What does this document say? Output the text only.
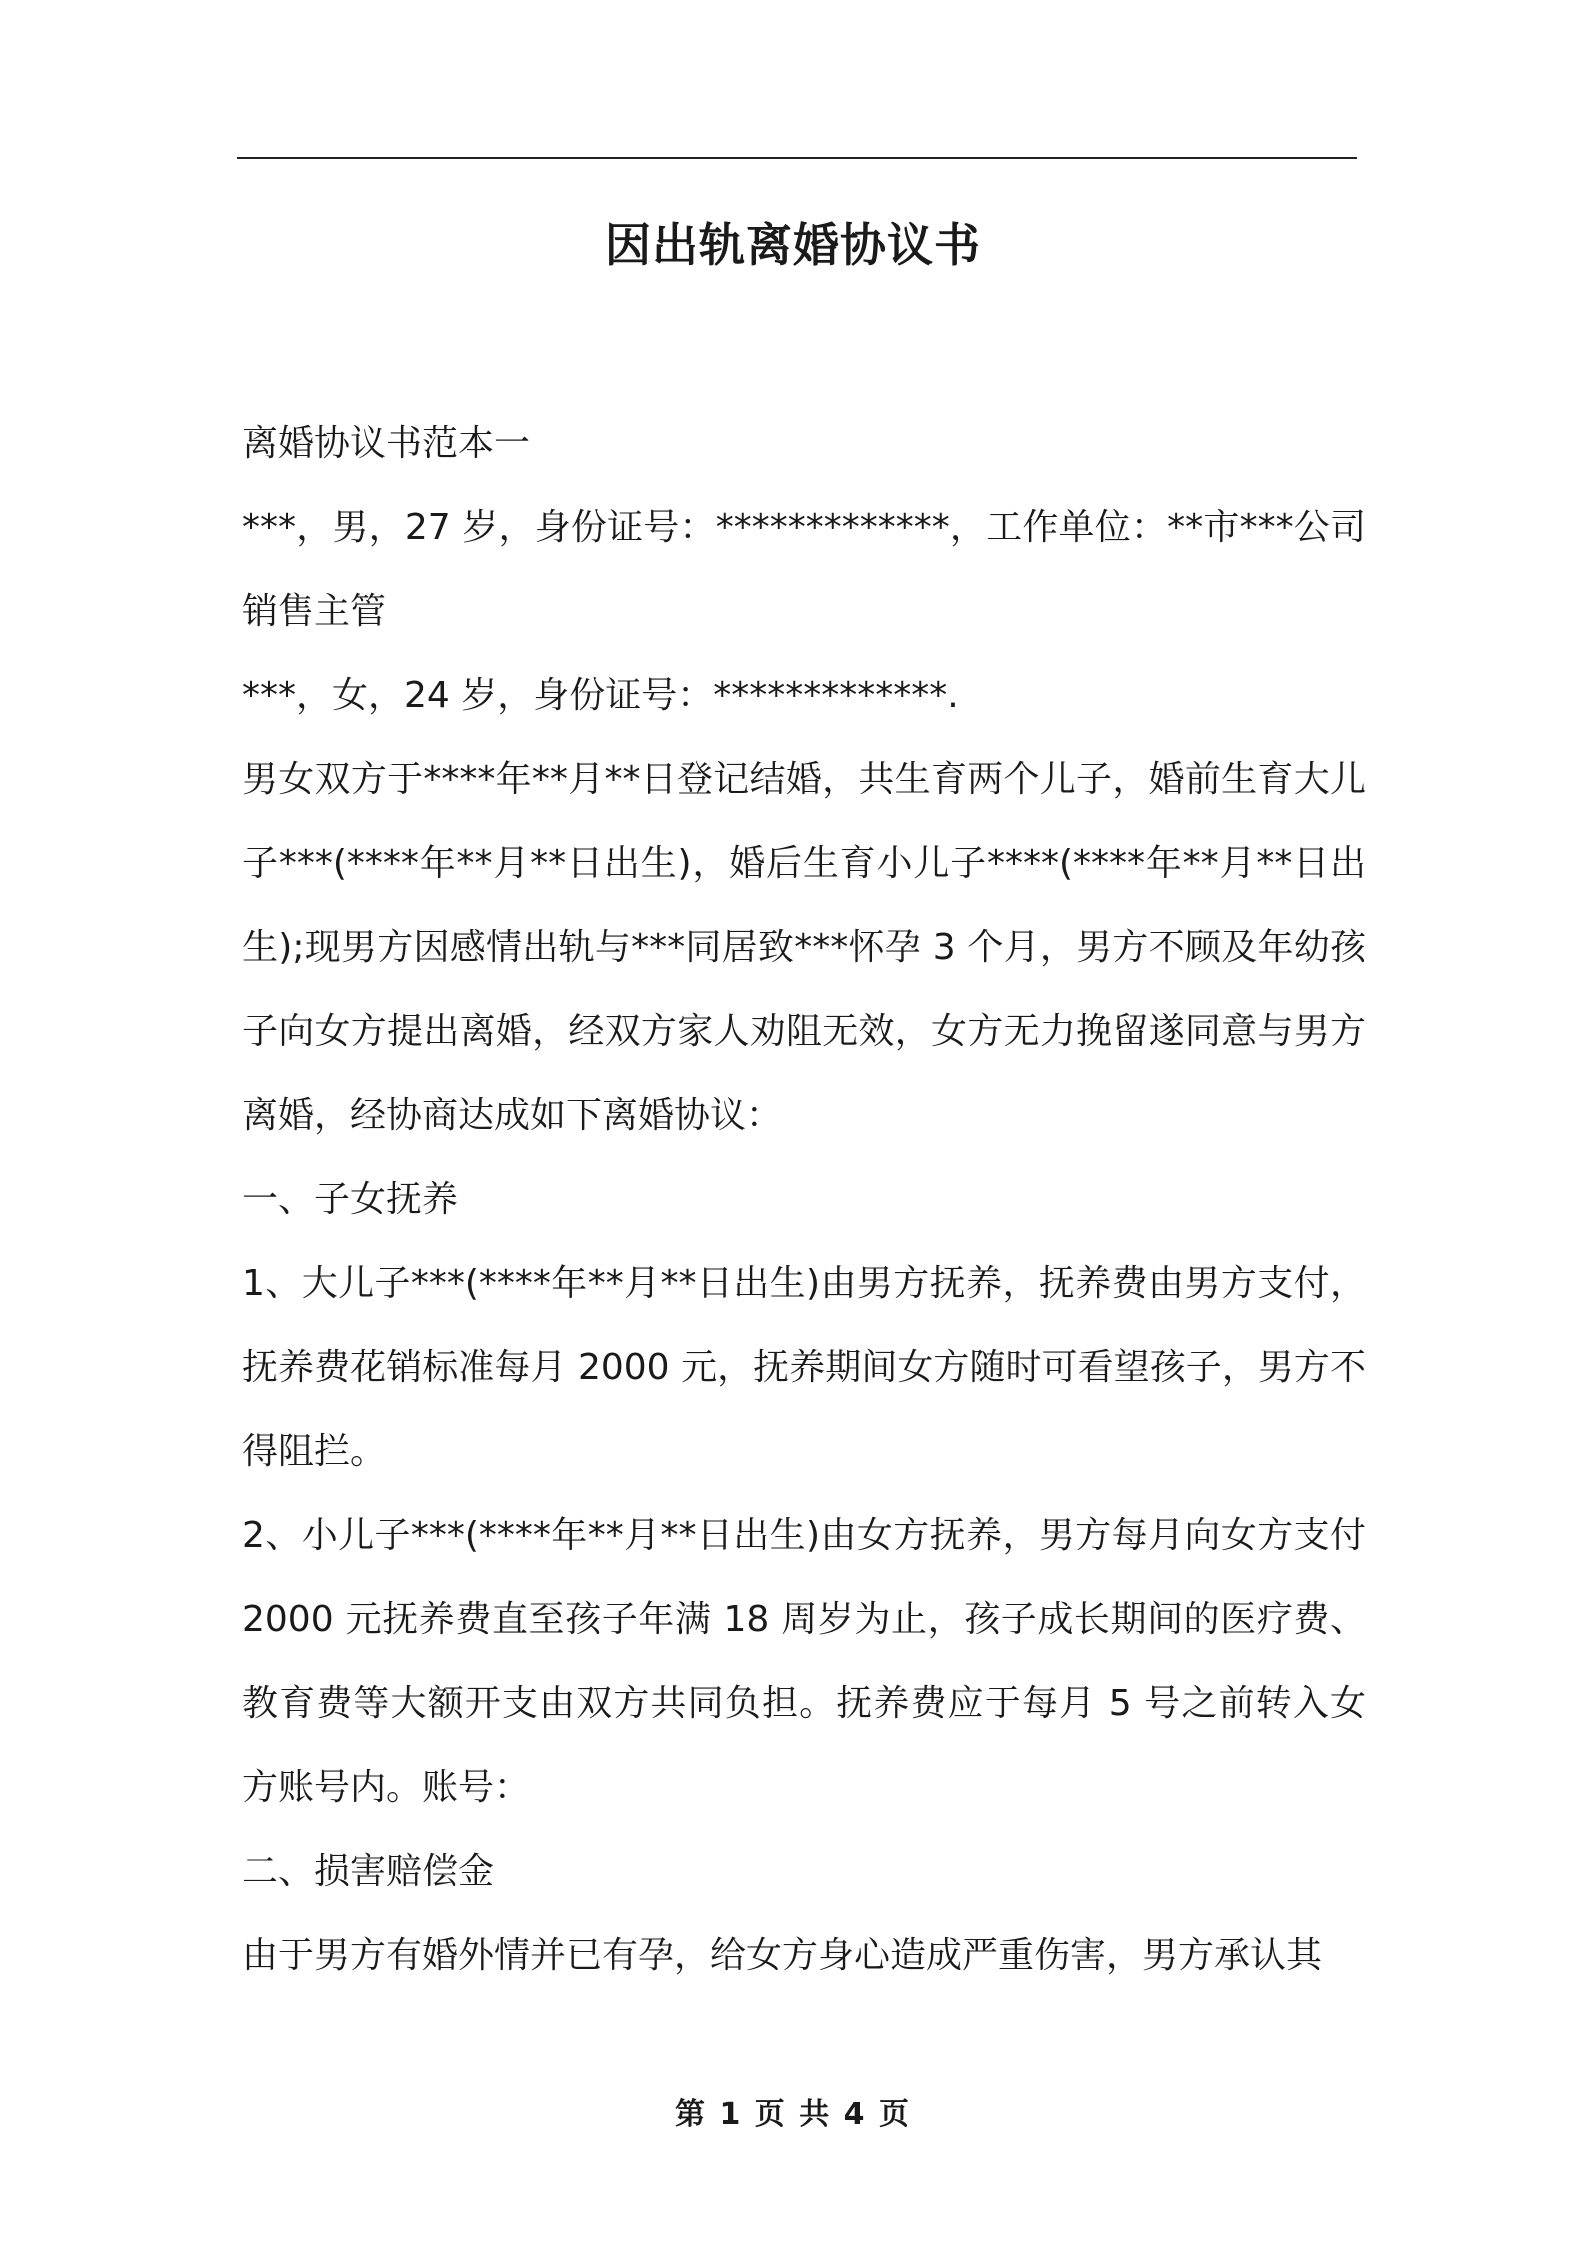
因出轨离婚协议书

离婚协议书范本一

***，男，27 岁，身份证号：*************，工作单位：**市***公司销售主管

***，女，24 岁，身份证号：*************.

男女双方于****年**月**日登记结婚，共生育两个儿子，婚前生育大儿子***(****年**月**日出生)，婚后生育小儿子****(****年**月**日出生);现男方因感情出轨与***同居致***怀孕 3 个月，男方不顾及年幼孩子向女方提出离婚，经双方家人劝阻无效，女方无力挽留遂同意与男方离婚，经协商达成如下离婚协议：

一、子女抚养

1、大儿子***(****年**月**日出生)由男方抚养，抚养费由男方支付，抚养费花销标准每月 2000 元，抚养期间女方随时可看望孩子，男方不得阻拦。

2、小儿子***(****年**月**日出生)由女方抚养，男方每月向女方支付 2000 元抚养费直至孩子年满 18 周岁为止，孩子成长期间的医疗费、教育费等大额开支由双方共同负担。抚养费应于每月 5 号之前转入女方账号内。账号：

二、损害赔偿金

由于男方有婚外情并已有孕，给女方身心造成严重伤害，男方承认其

第 1 页 共 4 页
